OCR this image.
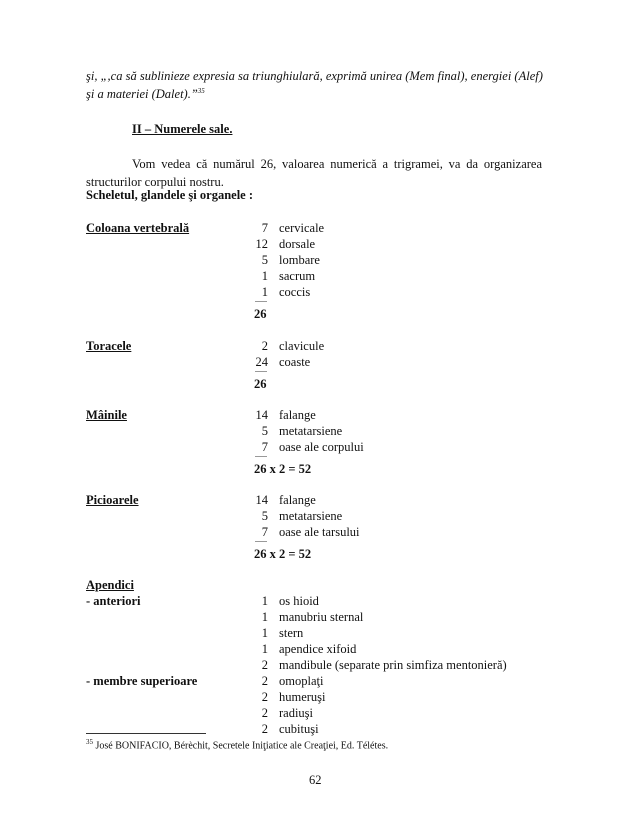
şi, „,ca să sublinieze expresia sa triunghiulară, exprimă unirea (Mem final), energiei (Alef)
şi a materiei (Dalet).”$^{35}$
II – Numerele sale.
Vom vedea că numărul 26, valoarea numerică a trigramei, va da organizarea structurilor corpului nostru.
Scheletul, glandele şi organele :
Coloana vertebrală	7 cervicale
12 dorsale
5 lombare
1 sacrum
1 coccis
26
Toracele	2 clavicule
24 coaste
26
Mâinile	14 falange
5 metatarsiene
7 oase ale corpului
26 x 2 = 52
Picioarele	14 falange
5 metatarsiene
7 oase ale tarsului
26 x 2 = 52
Apendici
- anteriori	1 os hioid
1 manubriu sternal
1 stern
1 apendice xifoid
2 mandibule (separate prin simfiza mentonieră)
- membre superioare	2 omoplaţi
2 humeruşi
2 radiuşi
2 cubituşi
$^{35}$ José BONIFACIO, Bérèchit, Secretele Iniţiatice ale Creaţiei, Ed. Télétes.
62
